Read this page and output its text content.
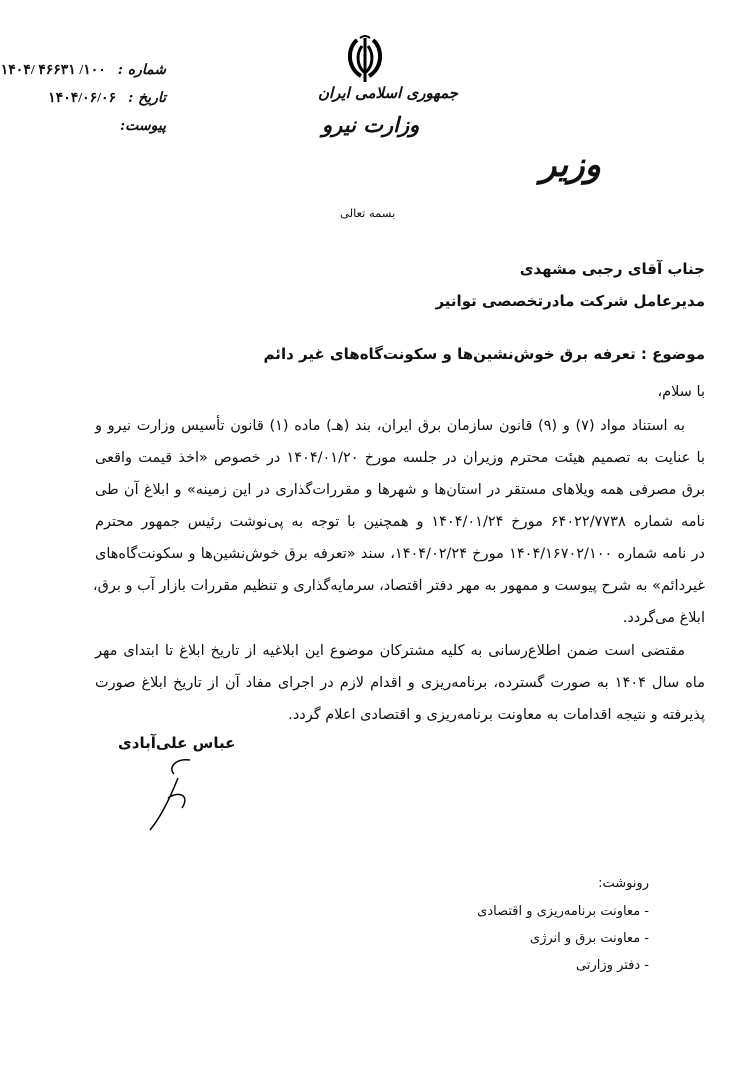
شماره :
۱۴۰۴/ ۴۶۶۳۱ /۱۰۰
تاریخ :
۱۴۰۴/۰۶/۰۶
پیوست:
جمهوری اسلامی ایران
وزارت نیرو
وزیر
بسمه تعالی
جناب آقای رجبی مشهدی
مدیرعامل شرکت مادرتخصصی توانیر
موضوع : تعرفه برق خوش‌نشین‌ها و سکونت‌گاه‌های غیر دائم
با سلام،
به استناد مواد (۷) و (۹) قانون سازمان برق ایران، بند (هـ) ماده (۱) قانون تأسیس وزارت نیرو و
با عنایت به تصمیم هیئت محترم وزیران در جلسه مورخ ۱۴۰۴/۰۱/۲۰ در خصوص «اخذ قیمت واقعی
برق مصرفی همه ویلاهای مستقر در استان‌ها و شهرها و مقررات‌گذاری در این زمینه» و ابلاغ آن طی
نامه شماره ۶۴۰۲۲/۷۷۳۸ مورخ ۱۴۰۴/۰۱/۲۴ و همچنین با توجه به پی‌نوشت رئیس جمهور محترم
در نامه شماره ۱۴۰۴/۱۶۷۰۲/۱۰۰ مورخ ۱۴۰۴/۰۲/۲۴، سند «تعرفه برق خوش‌نشین‌ها و سکونت‌گاه‌های
غیردائم» به شرح پیوست و ممهور به مهر دفتر اقتصاد، سرمایه‌گذاری و تنظیم مقررات بازار آب و برق،
ابلاغ می‌گردد.
مقتضی است ضمن اطلاع‌رسانی به کلیه مشترکان موضوع این ابلاغیه از تاریخ ابلاغ تا ابتدای مهر
ماه سال ۱۴۰۴ به صورت گسترده، برنامه‌ریزی و اقدام لازم در اجرای مفاد آن از تاریخ ابلاغ صورت
پذیرفته و نتیجه اقدامات به معاونت برنامه‌ریزی و اقتصادی اعلام گردد.
عباس علی‌آبادی
رونوشت:
- معاونت برنامه‌ریزی و اقتصادی
- معاونت برق و انرژی
- دفتر وزارتی
